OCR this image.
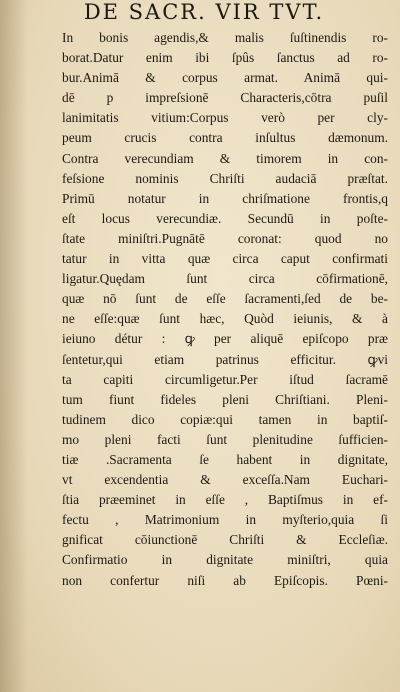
DE SACR. VIR TVT.
In bonis agendis,& malis ſuſtinendis ro-
borat.Datur enim ibi ſpûs ſanctus ad ro-
bur.Animā & corpus armat. Animā qui-
dē p impreſsionē Characteris,cōtra puſil
lanimitatis vitium:Corpus verò per cly-
peum crucis contra inſultus dæmonum.
Contra verecundiam & timorem in con-
feſsione nominis Chriſti audaciā præſtat.
Primū notatur in chriſmatione frontis,q
eſt locus verecundiæ. Secundū in poſte-
ſtate miniſtri.Pugnātē coronat: quod no
tatur in vitta quæ circa caput confirmati
ligatur.Quędam ſunt circa cōfirmationē,
quæ nō ſunt de eſſe ſacramenti,ſed de be-
ne eſſe:quæ ſunt hæc, Quòd ieiunis, & à
ieiuno détur : ꝙ per aliquē epiſcopo præ
ſentetur,qui etiam patrinus efficitur. ꝙvi
ta capiti circumligetur.Per iſtud ſacramē
tum fiunt fideles pleni Chriſtiani. Pleni-
tudinem dico copiæ:qui tamen in baptiſ-
mo pleni facti ſunt plenitudine ſufficien-
tiæ .Sacramenta ſe habent in dignitate,
vt excendentia & exceſſa.Nam Euchari-
ſtia præeminet in eſſe , Baptiſmus in ef-
fectu , Matrimonium in myſterio,quia ſi
gnificat cōiunctionē Chriſti & Eccleſiæ.
Confirmatio in dignitate miniſtri, quia
non confertur niſi ab Epiſcopis. Pœni-
